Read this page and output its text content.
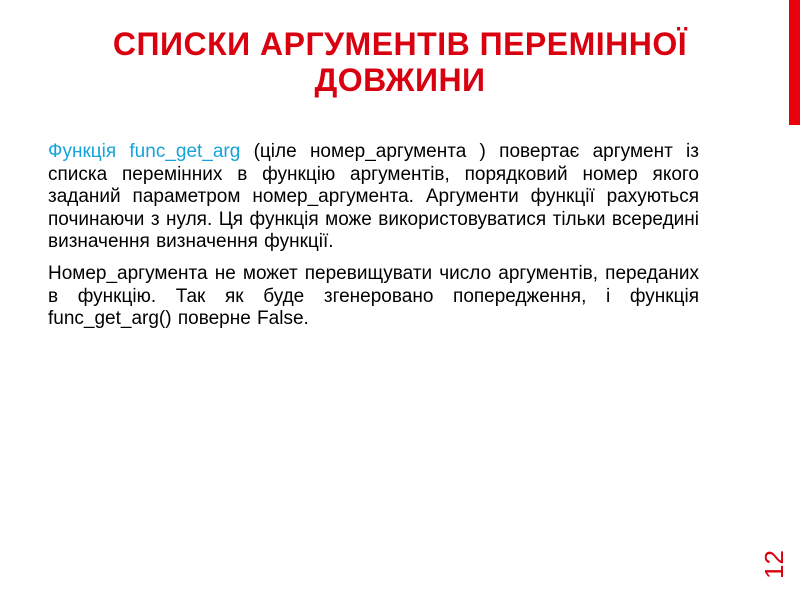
СПИСКИ АРГУМЕНТІВ ПЕРЕМІННОЇ ДОВЖИНИ

Функція func_get_arg (ціле номер_аргумента ) повертає аргумент із списка перемінних в функцію аргументів, порядковий номер якого заданий параметром номер_аргумента. Аргументи функції рахуються починаючи з нуля. Ця функція може використовуватися тільки всередині визначення визначення функції.

Номер_аргумента не может перевищувати число аргументів, переданих в функцію. Так як буде згенеровано попередження, і функція func_get_arg() поверне False.

12
